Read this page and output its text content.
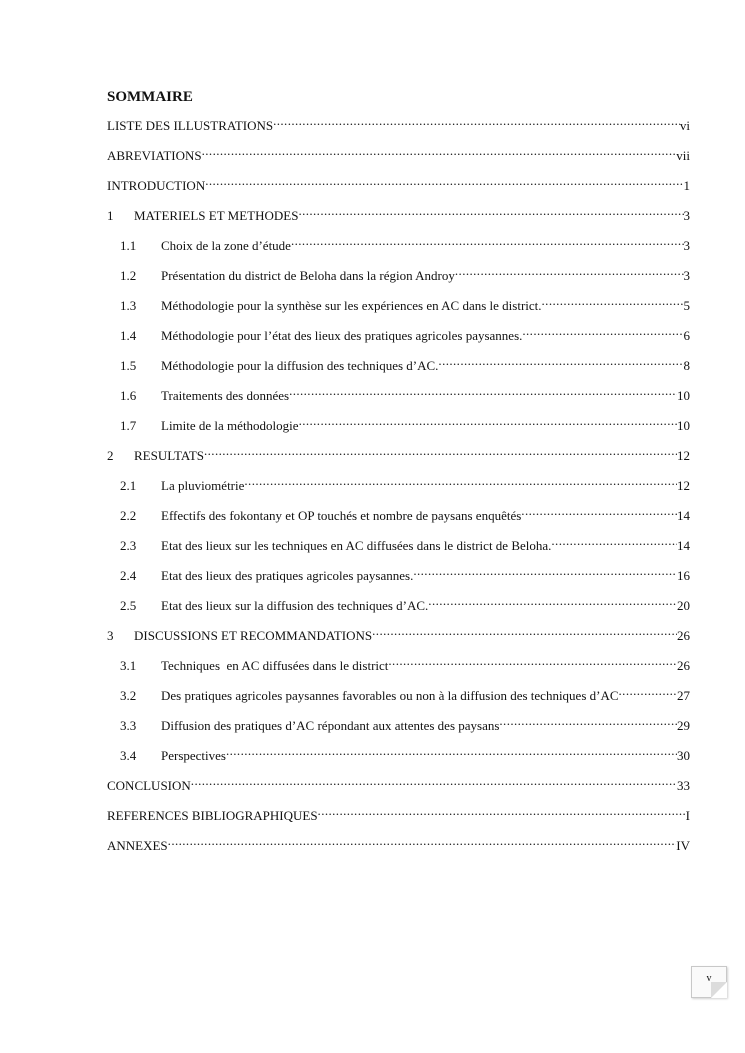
SOMMAIRE
LISTE DES ILLUSTRATIONS .....	vi
ABREVIATIONS .....	vii
INTRODUCTION .....	1
1	MATERIELS ET METHODES .....	3
1.1	Choix de la zone d’étude .....	3
1.2	Présentation du district de Beloha dans la région Androy .....	3
1.3	Méthodologie pour la synthèse sur les expériences en AC dans le district. .....	5
1.4	Méthodologie pour l’état des lieux des pratiques agricoles paysannes. .....	6
1.5	Méthodologie pour la diffusion des techniques d’AC. .....	8
1.6	Traitements des données .....	10
1.7	Limite de la méthodologie .....	10
2	RESULTATS .....	12
2.1	La pluviométrie .....	12
2.2	Effectifs des fokontany et OP touchés et nombre de paysans enquêtés .....	14
2.3	Etat des lieux sur les techniques en AC diffusées dans le district de Beloha. .....	14
2.4	Etat des lieux des pratiques agricoles paysannes. .....	16
2.5	Etat des lieux sur la diffusion des techniques d’AC. .....	20
3	DISCUSSIONS ET RECOMMANDATIONS .....	26
3.1	Techniques  en AC diffusées dans le district .....	26
3.2	Des pratiques agricoles paysannes favorables ou non à la diffusion des techniques d’AC .....	27
3.3	Diffusion des pratiques d’AC répondant aux attentes des paysans .....	29
3.4	Perspectives .....	30
CONCLUSION .....	33
REFERENCES BIBLIOGRAPHIQUES .....	I
ANNEXES .....	IV
v
